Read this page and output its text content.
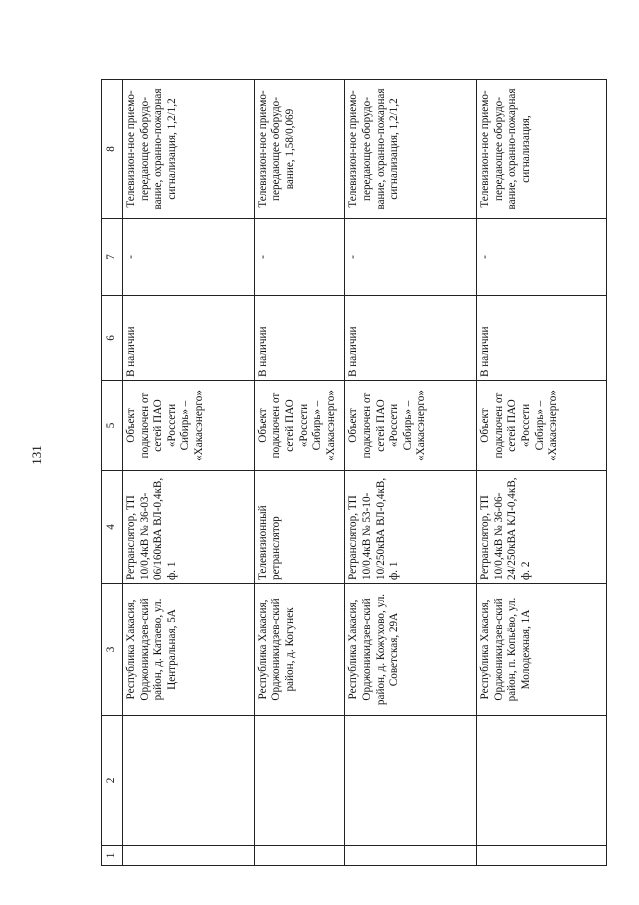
131
1	2	3	4	5	6	7	8
		Республика Хакасия, Орджоникидзев-ский район, д. Катаево, ул. Центральная, 5А	Ретранслятор, ТП 10/0,4кВ № 36-03-06/160кВА ВЛ-0,4кВ, ф. 1	Объект подключен от сетей ПАО «Россети Сибирь» – «Хакасэнерго»	В наличии	-	Телевизион-ное приемо-передающее оборудо-вание, охранно-пожарная сигнализация, 1,2/1,2
		Республика Хакасия, Орджоникидзев-ский район, д. Когунек	Телевизионный ретранслятор	Объект подключен от сетей ПАО «Россети Сибирь» – «Хакасэнерго»	В наличии	-	Телевизион-ное приемо-передающее оборудо-вание, 1,58/0,069
		Республика Хакасия, Орджоникидзев-ский район, д. Кожухово, ул. Советская, 29А	Ретранслятор, ТП 10/0,4кВ № 53-10-10/250кВА ВЛ-0,4кВ, ф. 1	Объект подключен от сетей ПАО «Россети Сибирь» – «Хакасэнерго»	В наличии	-	Телевизион-ное приемо-передающее оборудо-вание, охранно-пожарная сигнализация, 1,2/1,2
		Республика Хакасия, Орджоникидзев-ский район, п. Копьёво, ул. Молодежная, 1А	Ретранслятор, ТП 10/0,4кВ № 36-06-24/250кВА КЛ-0,4кВ, ф. 2	Объект подключен от сетей ПАО «Россети Сибирь» – «Хакасэнерго»	В наличии	-	Телевизион-ное приемо-передающее оборудо-вание, охранно-пожарная сигнализация,
